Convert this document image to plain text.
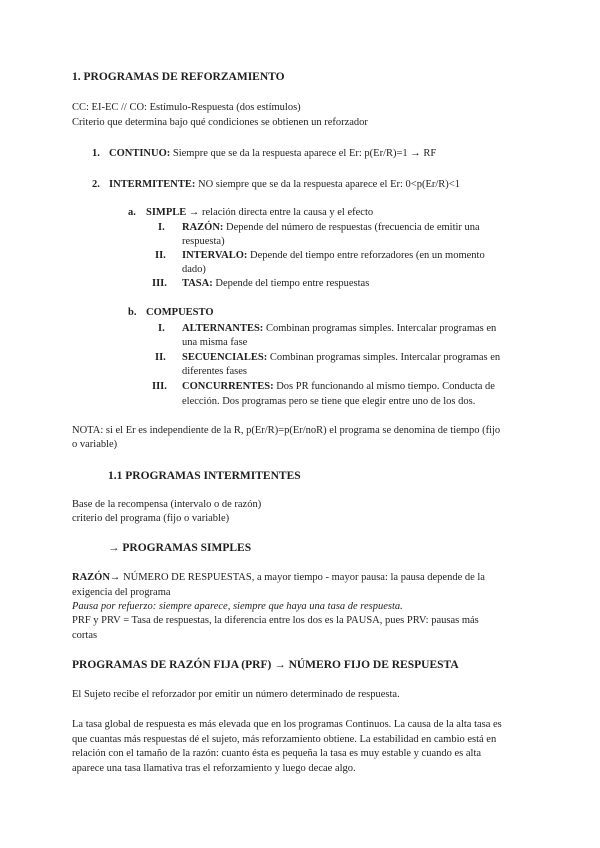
1. PROGRAMAS DE REFORZAMIENTO
CC: EI-EC // CO: Estímulo-Respuesta (dos estímulos)
Criterio que determina bajo qué condiciones se obtienen un reforzador
1. CONTINUO: Siempre que se da la respuesta aparece el Er: p(Er/R)=1 → RF
2. INTERMITENTE: NO siempre que se da la respuesta aparece el Er: 0<p(Er/R)<1
a. SIMPLE → relación directa entre la causa y el efecto
I. RAZÓN: Depende del número de respuestas (frecuencia de emitir una
respuesta)
II. INTERVALO: Depende del tiempo entre reforzadores (en un momento
dado)
III. TASA: Depende del tiempo entre respuestas
b. COMPUESTO
I. ALTERNANTES: Combinan programas simples. Intercalar programas en
una misma fase
II. SECUENCIALES: Combinan programas simples. Intercalar programas en
diferentes fases
III. CONCURRENTES: Dos PR funcionando al mismo tiempo. Conducta de
elección. Dos programas pero se tiene que elegir entre uno de los dos.
NOTA: si el Er es independiente de la R, p(Er/R)=p(Er/noR) el programa se denomina de tiempo (fijo
o variable)
1.1 PROGRAMAS INTERMITENTES
Base de la recompensa (intervalo o de razón)
criterio del programa (fijo o variable)
→ PROGRAMAS SIMPLES
RAZÓN→ NÚMERO DE RESPUESTAS, a mayor tiempo - mayor pausa: la pausa depende de la
exigencia del programa
Pausa por refuerzo: siempre aparece, siempre que haya una tasa de respuesta.
PRF y PRV = Tasa de respuestas, la diferencia entre los dos es la PAUSA, pues PRV: pausas más
cortas
PROGRAMAS DE RAZÓN FIJA (PRF) → NÚMERO FIJO DE RESPUESTA
El Sujeto recibe el reforzador por emitir un número determinado de respuesta.
La tasa global de respuesta es más elevada que en los programas Continuos. La causa de la alta tasa es
que cuantas más respuestas dé el sujeto, más reforzamiento obtiene. La estabilidad en cambio está en
relación con el tamaño de la razón: cuanto ésta es pequeña la tasa es muy estable y cuando es alta
aparece una tasa llamativa tras el reforzamiento y luego decae algo.
